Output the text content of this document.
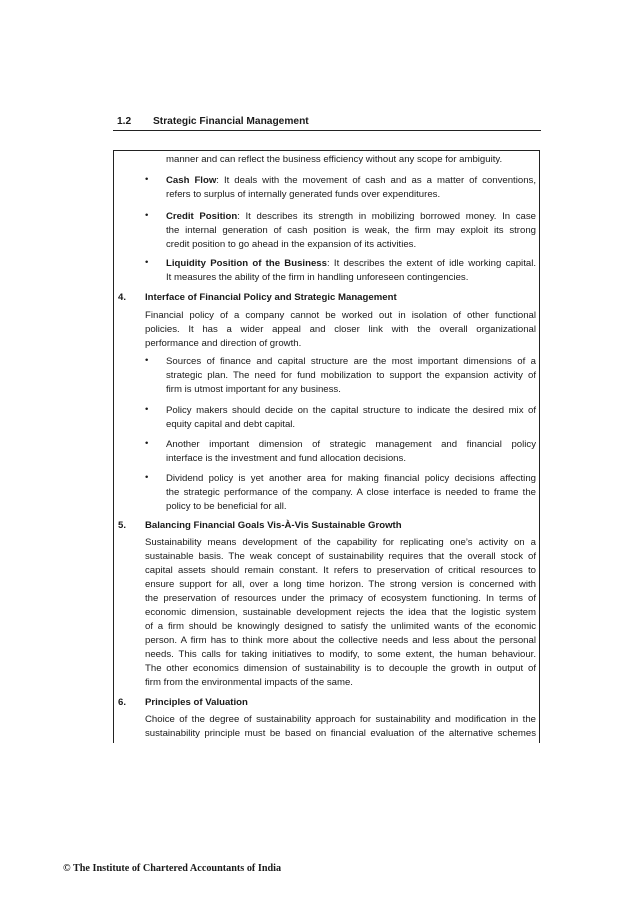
1.2 Strategic Financial Management
manner and can reflect the business efficiency without any scope for ambiguity.
• Cash Flow: It deals with the movement of cash and as a matter of conventions,
refers to surplus of internally generated funds over expenditures.
• Credit Position: It describes its strength in mobilizing borrowed money. In case
the internal generation of cash position is weak, the firm may exploit its strong
credit position to go ahead in the expansion of its activities.
• Liquidity Position of the Business: It describes the extent of idle working capital.
It measures the ability of the firm in handling unforeseen contingencies.
4. Interface of Financial Policy and Strategic Management
Financial policy of a company cannot be worked out in isolation of other functional
policies. It has a wider appeal and closer link with the overall organizational
performance and direction of growth.
• Sources of finance and capital structure are the most important dimensions of a
strategic plan. The need for fund mobilization to support the expansion activity of
firm is utmost important for any business.
• Policy makers should decide on the capital structure to indicate the desired mix of
equity capital and debt capital.
• Another important dimension of strategic management and financial policy
interface is the investment and fund allocation decisions.
• Dividend policy is yet another area for making financial policy decisions affecting
the strategic performance of the company. A close interface is needed to frame the
policy to be beneficial for all.
5. Balancing Financial Goals Vis-À-Vis Sustainable Growth
Sustainability means development of the capability for replicating one’s activity on a
sustainable basis. The weak concept of sustainability requires that the overall stock of
capital assets should remain constant. It refers to preservation of critical resources to
ensure support for all, over a long time horizon. The strong version is concerned with
the preservation of resources under the primacy of ecosystem functioning. In terms of
economic dimension, sustainable development rejects the idea that the logistic system
of a firm should be knowingly designed to satisfy the unlimited wants of the economic
person. A firm has to think more about the collective needs and less about the personal
needs. This calls for taking initiatives to modify, to some extent, the human behaviour.
The other economics dimension of sustainability is to decouple the growth in output of
firm from the environmental impacts of the same.
6. Principles of Valuation
Choice of the degree of sustainability approach for sustainability and modification in the
sustainability principle must be based on financial evaluation of the alternative schemes
© The Institute of Chartered Accountants of India
